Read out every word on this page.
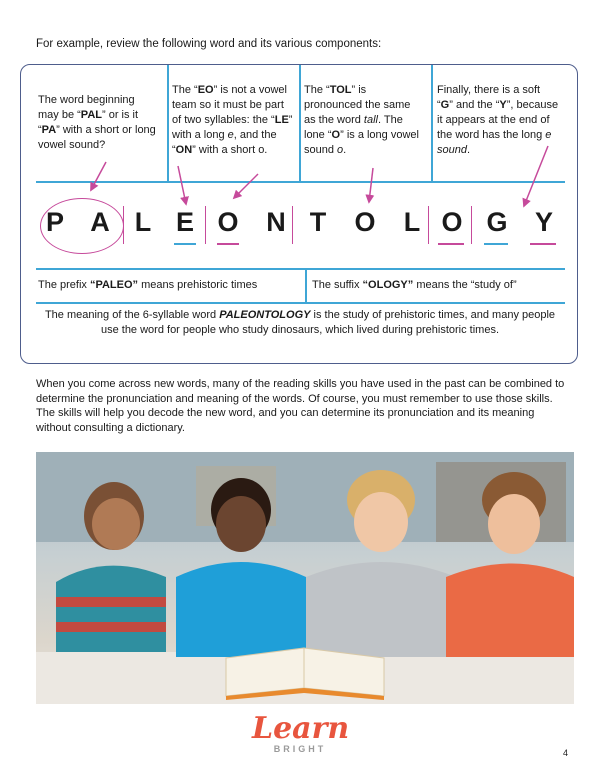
For example, review the following word and its various components:
The word beginning
may be “PAL” or is it
“PA” with a short or long
vowel sound?
The “EO” is not a vowel
team so it must be part
of two syllables: the “LE”
with a long e, and the
“ON” with a short o.
The “TOL” is
pronounced the same
as the word tall. The
lone “O” is a long vowel
sound o.
Finally, there is a soft
“G” and the “Y”, because
it appears at the end of
the word has the long e
sound.
P A L E O N T O L O G Y
The prefix “PALEO” means prehistoric times	The suffix “OLOGY” means the “study of”
The meaning of the 6-syllable word PALEONTOLOGY is the study of prehistoric times, and many people
use the word for people who study dinosaurs, which lived during prehistoric times.
When you come across new words, many of the reading skills you have used in the past can be combined to determine the pronunciation and meaning of the words. Of course, you must remember to use those skills. The skills will help you decode the new word, and you can determine its pronunciation and its meaning without consulting a dictionary.
Learn
BRIGHT	4
